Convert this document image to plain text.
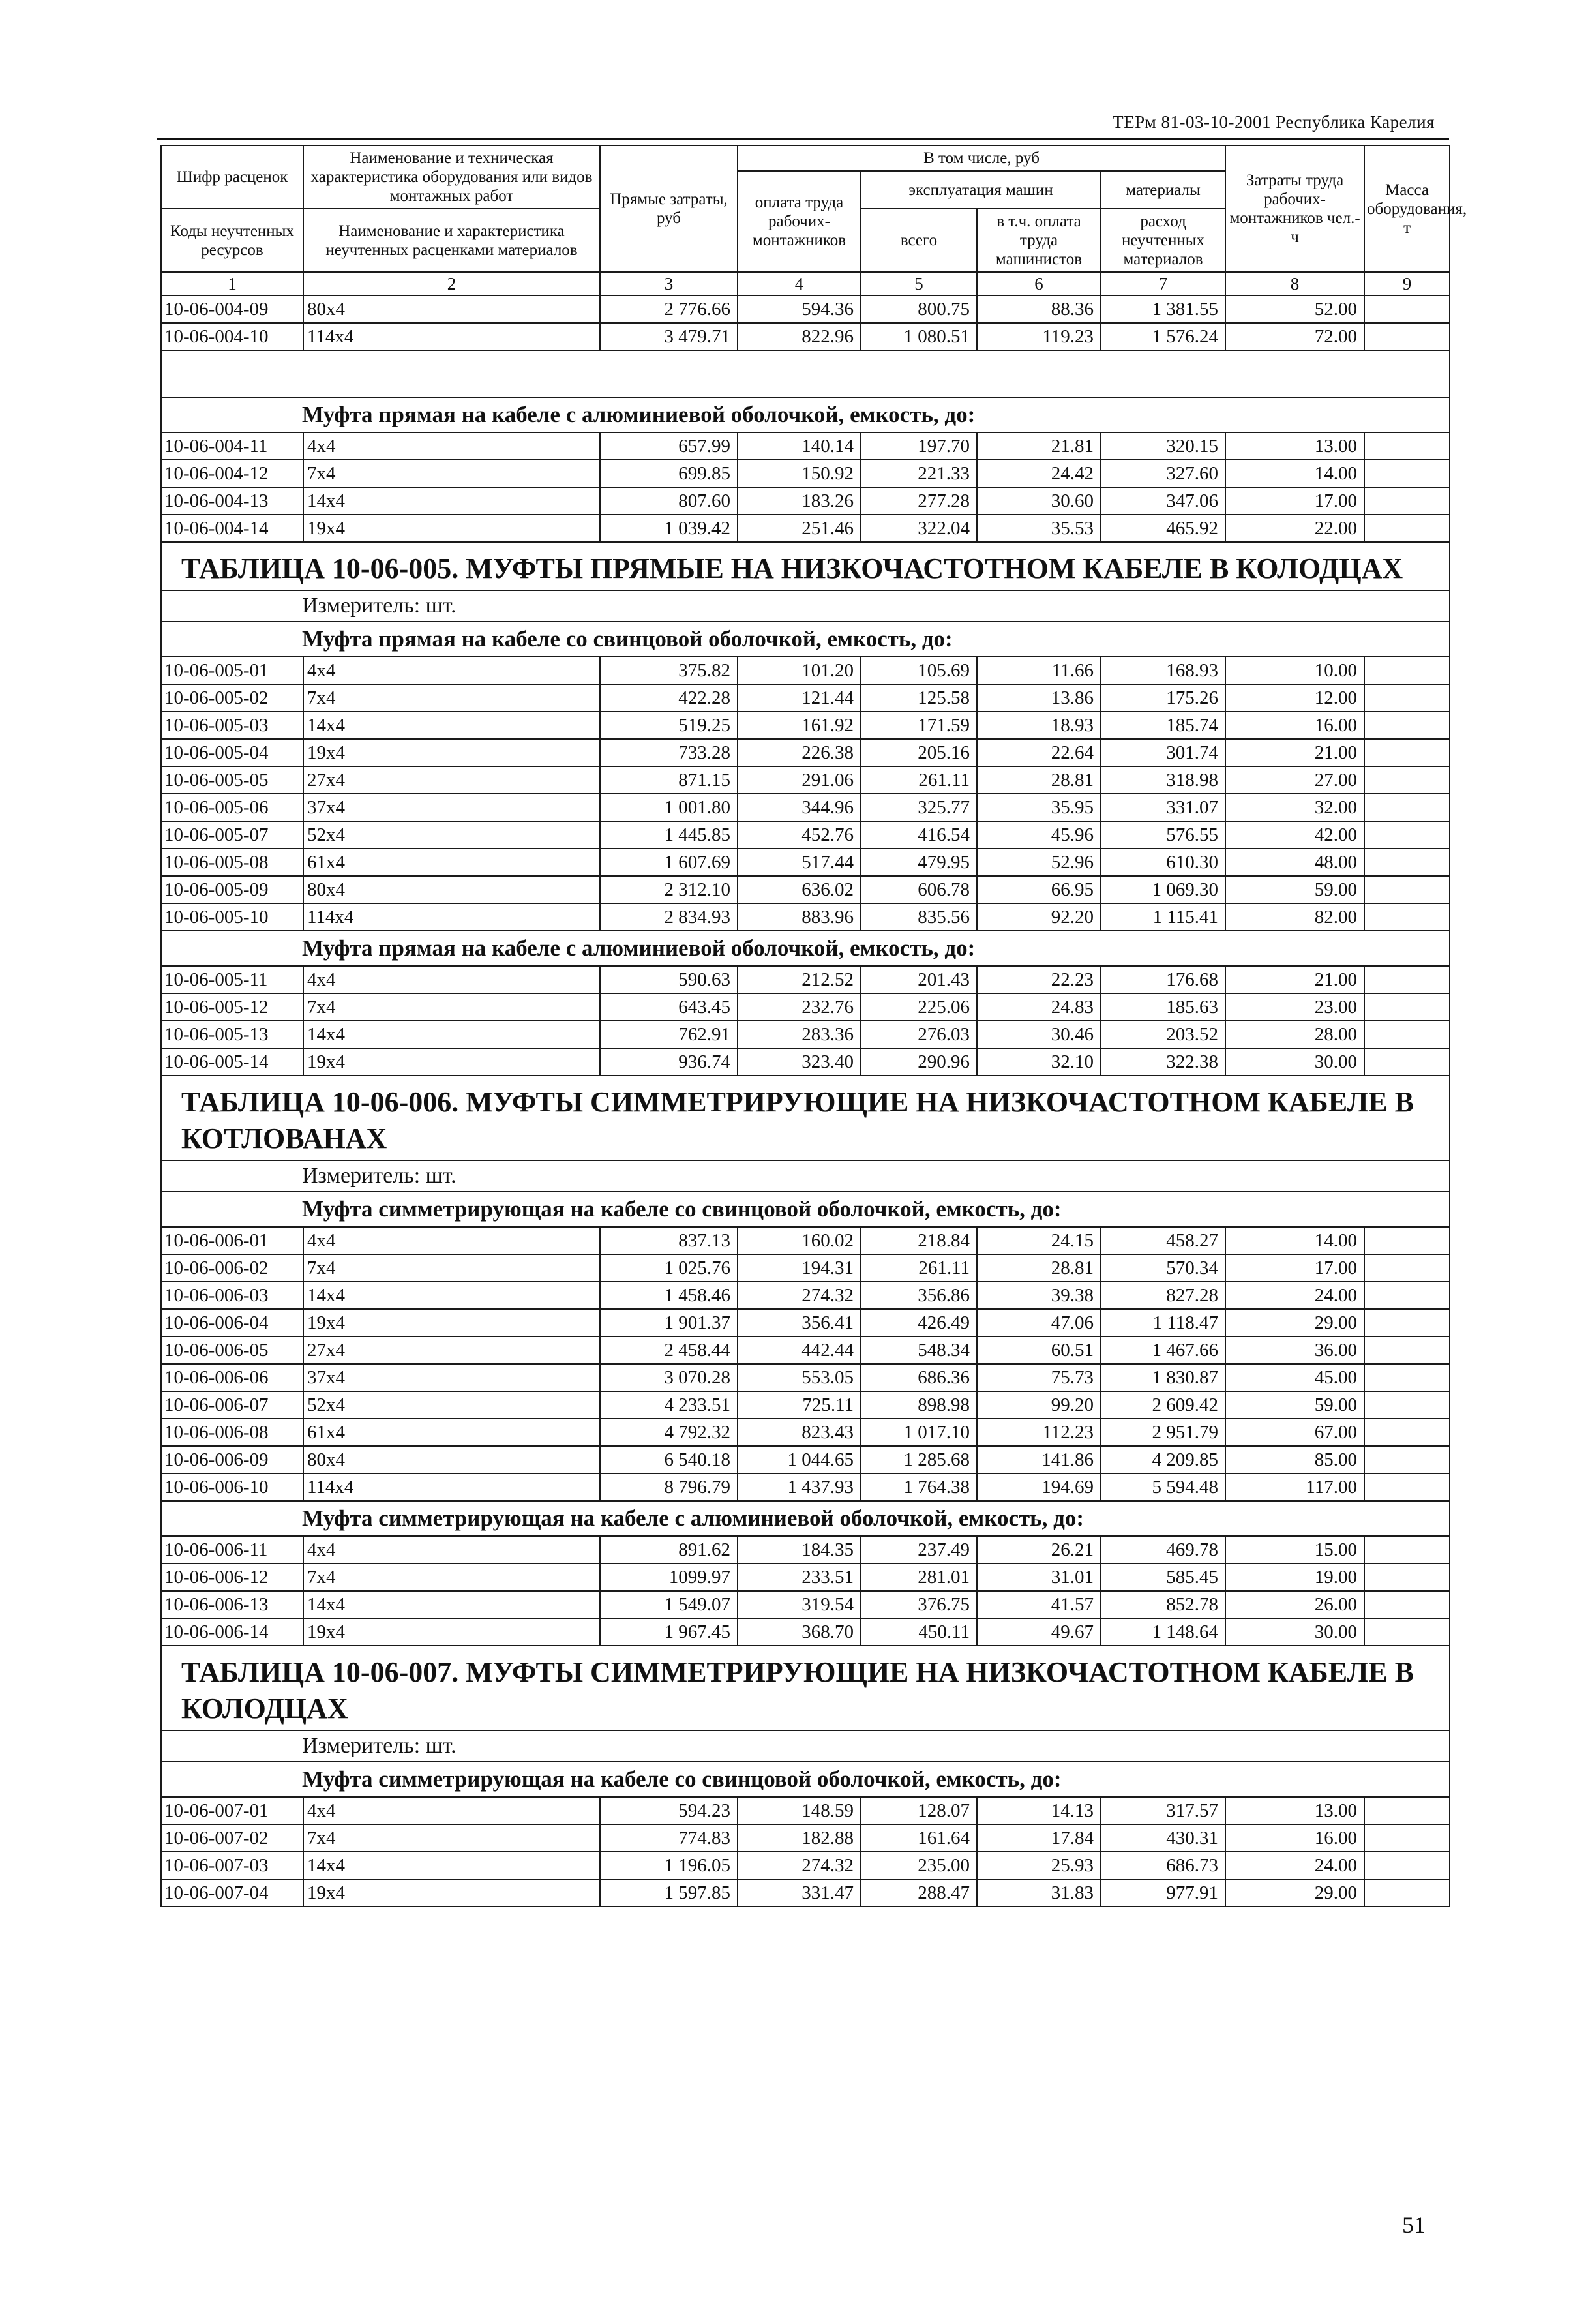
ТЕРм 81-03-10-2001 Республика Карелия
Шифр расценок	Наименование и техническая характеристика оборудования или видов монтажных работ	Прямые затраты, руб	В том числе, руб				Затраты труда рабочих-монтажников чел.-ч	Масса оборудования, т
			оплата труда рабочих-монтажников	эксплуатация машин		материалы		
Коды неучтенных ресурсов	Наименование и характеристика неучтенных расценками материалов			всего	в т.ч. оплата труда машинистов	расход неучтенных материалов		

1	2	3	4	5	6	7	8	9
10-06-004-09	80x4	2 776.66	594.36	800.75	88.36	1 381.55	52.00	
10-06-004-10	114x4	3 479.71	822.96	1 080.51	119.23	1 576.24	72.00	

Муфта прямая на кабеле с алюминиевой оболочкой, емкость, до:								
10-06-004-11	4x4	657.99	140.14	197.70	21.81	320.15	13.00	
10-06-004-12	7x4	699.85	150.92	221.33	24.42	327.60	14.00	
10-06-004-13	14x4	807.60	183.26	277.28	30.60	347.06	17.00	
10-06-004-14	19x4	1 039.42	251.46	322.04	35.53	465.92	22.00	
ТАБЛИЦА 10-06-005. МУФТЫ ПРЯМЫЕ НА НИЗКОЧАСТОТНОМ КАБЕЛЕ В КОЛОДЦАХ								
Измеритель: шт.								
Муфта прямая на кабеле со свинцовой оболочкой, емкость, до:								
10-06-005-01	4x4	375.82	101.20	105.69	11.66	168.93	10.00	
10-06-005-02	7x4	422.28	121.44	125.58	13.86	175.26	12.00	
10-06-005-03	14x4	519.25	161.92	171.59	18.93	185.74	16.00	
10-06-005-04	19x4	733.28	226.38	205.16	22.64	301.74	21.00	
10-06-005-05	27x4	871.15	291.06	261.11	28.81	318.98	27.00	
10-06-005-06	37x4	1 001.80	344.96	325.77	35.95	331.07	32.00	
10-06-005-07	52x4	1 445.85	452.76	416.54	45.96	576.55	42.00	
10-06-005-08	61x4	1 607.69	517.44	479.95	52.96	610.30	48.00	
10-06-005-09	80x4	2 312.10	636.02	606.78	66.95	1 069.30	59.00	
10-06-005-10	114x4	2 834.93	883.96	835.56	92.20	1 115.41	82.00	
Муфта прямая на кабеле с алюминиевой оболочкой, емкость, до:								
10-06-005-11	4x4	590.63	212.52	201.43	22.23	176.68	21.00	
10-06-005-12	7x4	643.45	232.76	225.06	24.83	185.63	23.00	
10-06-005-13	14x4	762.91	283.36	276.03	30.46	203.52	28.00	
10-06-005-14	19x4	936.74	323.40	290.96	32.10	322.38	30.00	
ТАБЛИЦА 10-06-006. МУФТЫ СИММЕТРИРУЮЩИЕ НА НИЗКОЧАСТОТНОМ КАБЕЛЕ В КОТЛОВАНАХ								
Измеритель: шт.								
Муфта симметрирующая на кабеле со свинцовой оболочкой, емкость, до:								
10-06-006-01	4x4	837.13	160.02	218.84	24.15	458.27	14.00	
10-06-006-02	7x4	1 025.76	194.31	261.11	28.81	570.34	17.00	
10-06-006-03	14x4	1 458.46	274.32	356.86	39.38	827.28	24.00	
10-06-006-04	19x4	1 901.37	356.41	426.49	47.06	1 118.47	29.00	
10-06-006-05	27x4	2 458.44	442.44	548.34	60.51	1 467.66	36.00	
10-06-006-06	37x4	3 070.28	553.05	686.36	75.73	1 830.87	45.00	
10-06-006-07	52x4	4 233.51	725.11	898.98	99.20	2 609.42	59.00	
10-06-006-08	61x4	4 792.32	823.43	1 017.10	112.23	2 951.79	67.00	
10-06-006-09	80x4	6 540.18	1 044.65	1 285.68	141.86	4 209.85	85.00	
10-06-006-10	114x4	8 796.79	1 437.93	1 764.38	194.69	5 594.48	117.00	
Муфта симметрирующая на кабеле с алюминиевой оболочкой, емкость, до:								
10-06-006-11	4x4	891.62	184.35	237.49	26.21	469.78	15.00	
10-06-006-12	7x4	1099.97	233.51	281.01	31.01	585.45	19.00	
10-06-006-13	14x4	1 549.07	319.54	376.75	41.57	852.78	26.00	
10-06-006-14	19x4	1 967.45	368.70	450.11	49.67	1 148.64	30.00	
ТАБЛИЦА 10-06-007. МУФТЫ СИММЕТРИРУЮЩИЕ НА НИЗКОЧАСТОТНОМ КАБЕЛЕ В КОЛОДЦАХ								
Измеритель: шт.								
Муфта симметрирующая на кабеле со свинцовой оболочкой, емкость, до:								
10-06-007-01	4x4	594.23	148.59	128.07	14.13	317.57	13.00	
10-06-007-02	7x4	774.83	182.88	161.64	17.84	430.31	16.00	
10-06-007-03	14x4	1 196.05	274.32	235.00	25.93	686.73	24.00	
10-06-007-04	19x4	1 597.85	331.47	288.47	31.83	977.91	29.00	
51
